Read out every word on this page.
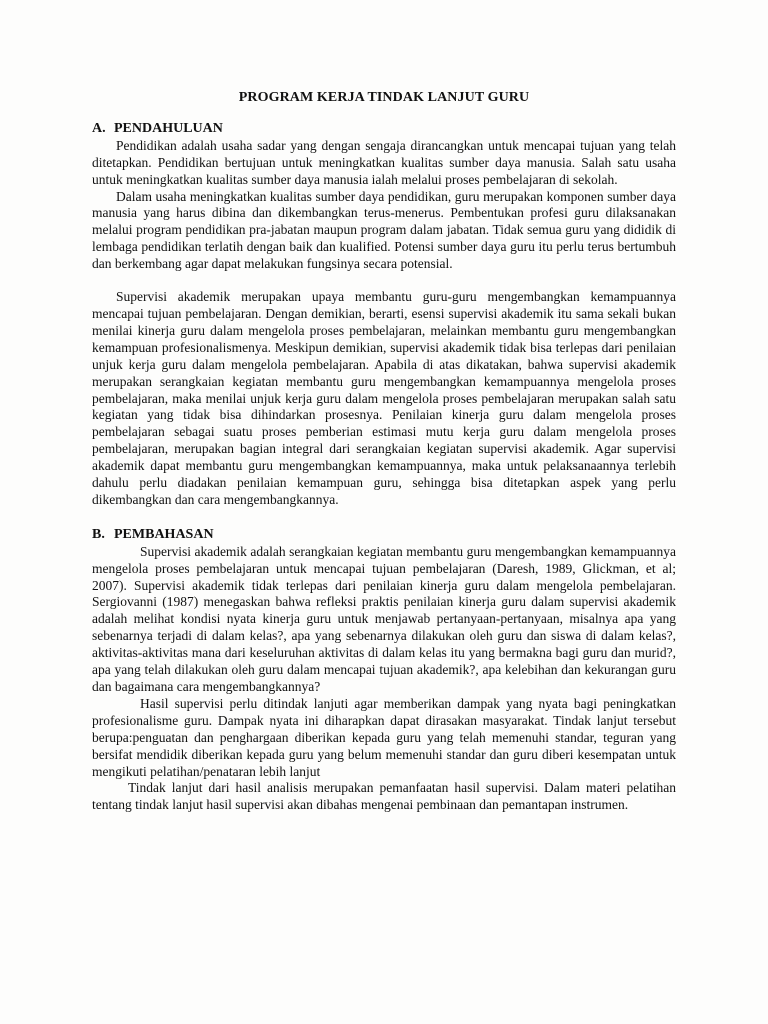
PROGRAM KERJA TINDAK LANJUT GURU
A. PENDAHULUAN

Pendidikan adalah usaha sadar yang dengan sengaja dirancangkan untuk mencapai tujuan yang telah ditetapkan. Pendidikan bertujuan untuk meningkatkan kualitas sumber daya manusia. Salah satu usaha untuk meningkatkan kualitas sumber daya manusia ialah melalui proses pembelajaran di sekolah.

Dalam usaha meningkatkan kualitas sumber daya pendidikan, guru merupakan komponen sumber daya manusia yang harus dibina dan dikembangkan terus-menerus. Pembentukan profesi guru dilaksanakan melalui program pendidikan pra-jabatan maupun program dalam jabatan. Tidak semua guru yang dididik di lembaga pendidikan terlatih dengan baik dan kualified. Potensi sumber daya guru itu perlu terus bertumbuh dan berkembang agar dapat melakukan fungsinya secara potensial.

Supervisi akademik merupakan upaya membantu guru-guru mengembangkan kemampuannya mencapai tujuan pembelajaran. Dengan demikian, berarti, esensi supervisi akademik itu sama sekali bukan menilai kinerja guru dalam mengelola proses pembelajaran, melainkan membantu guru mengembangkan kemampuan profesionalismenya. Meskipun demikian, supervisi akademik tidak bisa terlepas dari penilaian unjuk kerja guru dalam mengelola pembelajaran. Apabila di atas dikatakan, bahwa supervisi akademik merupakan serangkaian kegiatan membantu guru mengembangkan kemampuannya mengelola proses pembelajaran, maka menilai unjuk kerja guru dalam mengelola proses pembelajaran merupakan salah satu kegiatan yang tidak bisa dihindarkan prosesnya. Penilaian kinerja guru dalam mengelola proses pembelajaran sebagai suatu proses pemberian estimasi mutu kerja guru dalam mengelola proses pembelajaran, merupakan bagian integral dari serangkaian kegiatan supervisi akademik. Agar supervisi akademik dapat membantu guru mengembangkan kemampuannya, maka untuk pelaksanaannya terlebih dahulu perlu diadakan penilaian kemampuan guru, sehingga bisa ditetapkan aspek yang perlu dikembangkan dan cara mengembangkannya.

B. PEMBAHASAN

Supervisi akademik adalah serangkaian kegiatan membantu guru mengembangkan kemampuannya mengelola proses pembelajaran untuk mencapai tujuan pembelajaran (Daresh, 1989, Glickman, et al; 2007). Supervisi akademik tidak terlepas dari penilaian kinerja guru dalam mengelola pembelajaran. Sergiovanni (1987) menegaskan bahwa refleksi praktis penilaian kinerja guru dalam supervisi akademik adalah melihat kondisi nyata kinerja guru untuk menjawab pertanyaan-pertanyaan, misalnya apa yang sebenarnya terjadi di dalam kelas?, apa yang sebenarnya dilakukan oleh guru dan siswa di dalam kelas?, aktivitas-aktivitas mana dari keseluruhan aktivitas di dalam kelas itu yang bermakna bagi guru dan murid?, apa yang telah dilakukan oleh guru dalam mencapai tujuan akademik?, apa kelebihan dan kekurangan guru dan bagaimana cara mengembangkannya?

Hasil supervisi perlu ditindak lanjuti agar memberikan dampak yang nyata bagi peningkatkan profesionalisme guru. Dampak nyata ini diharapkan dapat dirasakan masyarakat. Tindak lanjut tersebut berupa:penguatan dan penghargaan diberikan kepada guru yang telah memenuhi standar, teguran yang bersifat mendidik diberikan kepada guru yang belum memenuhi standar dan guru diberi kesempatan untuk mengikuti pelatihan/penataran lebih lanjut

Tindak lanjut dari hasil analisis merupakan pemanfaatan hasil supervisi. Dalam materi pelatihan tentang tindak lanjut hasil supervisi akan dibahas mengenai pembinaan dan pemantapan instrumen.
